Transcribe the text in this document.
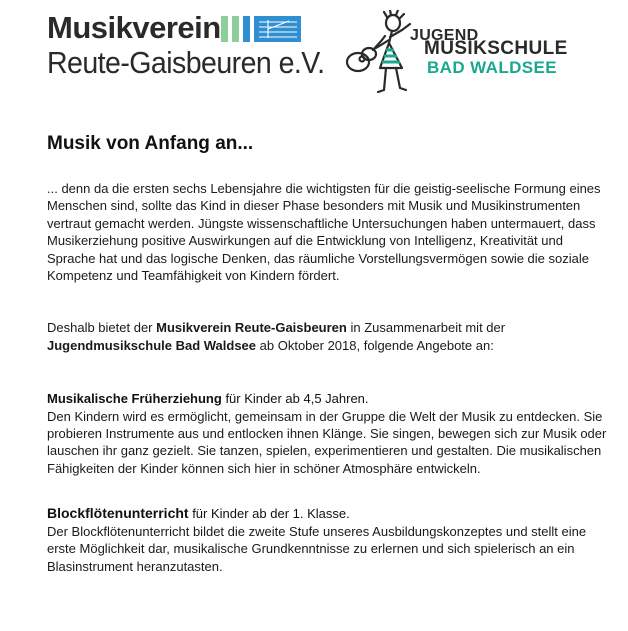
Musikverein
Reute-Gaisbeuren e.V.
JUGEND
MUSIKSCHULE
BAD WALDSEE
Musik von Anfang an...

... denn da die ersten sechs Lebensjahre die wichtigsten für die geistig-seelische Formung eines Menschen sind, sollte das Kind in dieser Phase besonders mit Musik und Musikinstrumenten vertraut gemacht werden. Jüngste wissenschaftliche Untersuchungen haben untermauert, dass Musikerziehung positive Auswirkungen auf die Entwicklung von Intelligenz, Kreativität und Sprache hat und das logische Denken, das räumliche Vorstellungsvermögen sowie die soziale Kompetenz und Teamfähigkeit von Kindern fördert.

Deshalb bietet der Musikverein Reute-Gaisbeuren in Zusammenarbeit mit der Jugendmusikschule Bad Waldsee ab Oktober 2018, folgende Angebote an:

Musikalische Früherziehung für Kinder ab 4,5 Jahren.

Den Kindern wird es ermöglicht, gemeinsam in der Gruppe die Welt der Musik zu entdecken. Sie probieren Instrumente aus und entlocken ihnen Klänge. Sie singen, bewegen sich zur Musik oder lauschen ihr ganz gezielt. Sie tanzen, spielen, experimentieren und gestalten. Die musikalischen Fähigkeiten der Kinder können sich hier in schöner Atmosphäre entwickeln.

Blockflötenunterricht für Kinder ab der 1. Klasse.

Der Blockflötenunterricht bildet die zweite Stufe unseres Ausbildungskonzeptes und stellt eine erste Möglichkeit dar, musikalische Grundkenntnisse zu erlernen und sich spielerisch an ein Blasinstrument heranzutasten.
